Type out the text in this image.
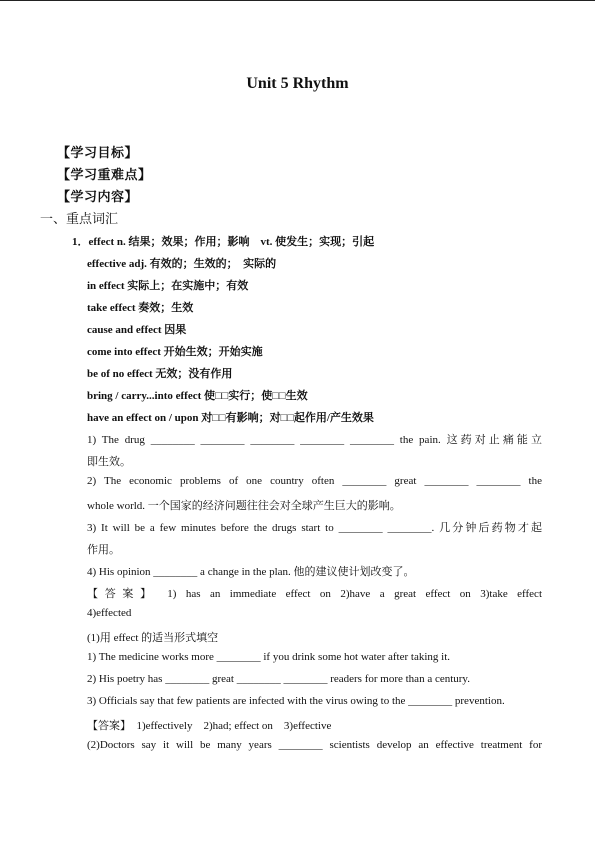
Unit 5 Rhythm
【学习目标】
【学习重难点】
【学习内容】
一、重点词汇
1．effect n. 结果；效果；作用；影响　vt. 使发生；实现；引起
effective adj. 有效的；生效的；　实际的
in effect 实际上；在实施中；有效
take effect 奏效；生效
cause and effect 因果
come into effect 开始生效；开始实施
be of no effect 无效；没有作用
bring / carry...into effect 使□□实行；使□□生效
have an effect on / upon 对□□有影响；对□□起作用/产生效果
1) The drug ________ ________ ________ ________ ________ the pain. 这药对止痛能立
即生效。
2) The economic problems of one country often ________ great ________ ________ the
whole world. 一个国家的经济问题往往会对全球产生巨大的影响。
3) It will be a few minutes before the drugs start to ________ ________. 几分钟后药物才起
作用。
4) His opinion ________ a change in the plan. 他的建议使计划改变了。
【答案】 1) has an immediate effect on 2)have a great effect on 3)take effect
4)effected
(1)用 effect 的适当形式填空
1) The medicine works more ________ if you drink some hot water after taking it.
2) His poetry has ________ great ________ ________ readers for more than a century.
3) Officials say that few patients are infected with the virus owing to the ________ prevention.
【答案】　1)effectively　2)had; effect on　3)effective
(2)Doctors say it will be many years ________ scientists develop an effective treatment for
